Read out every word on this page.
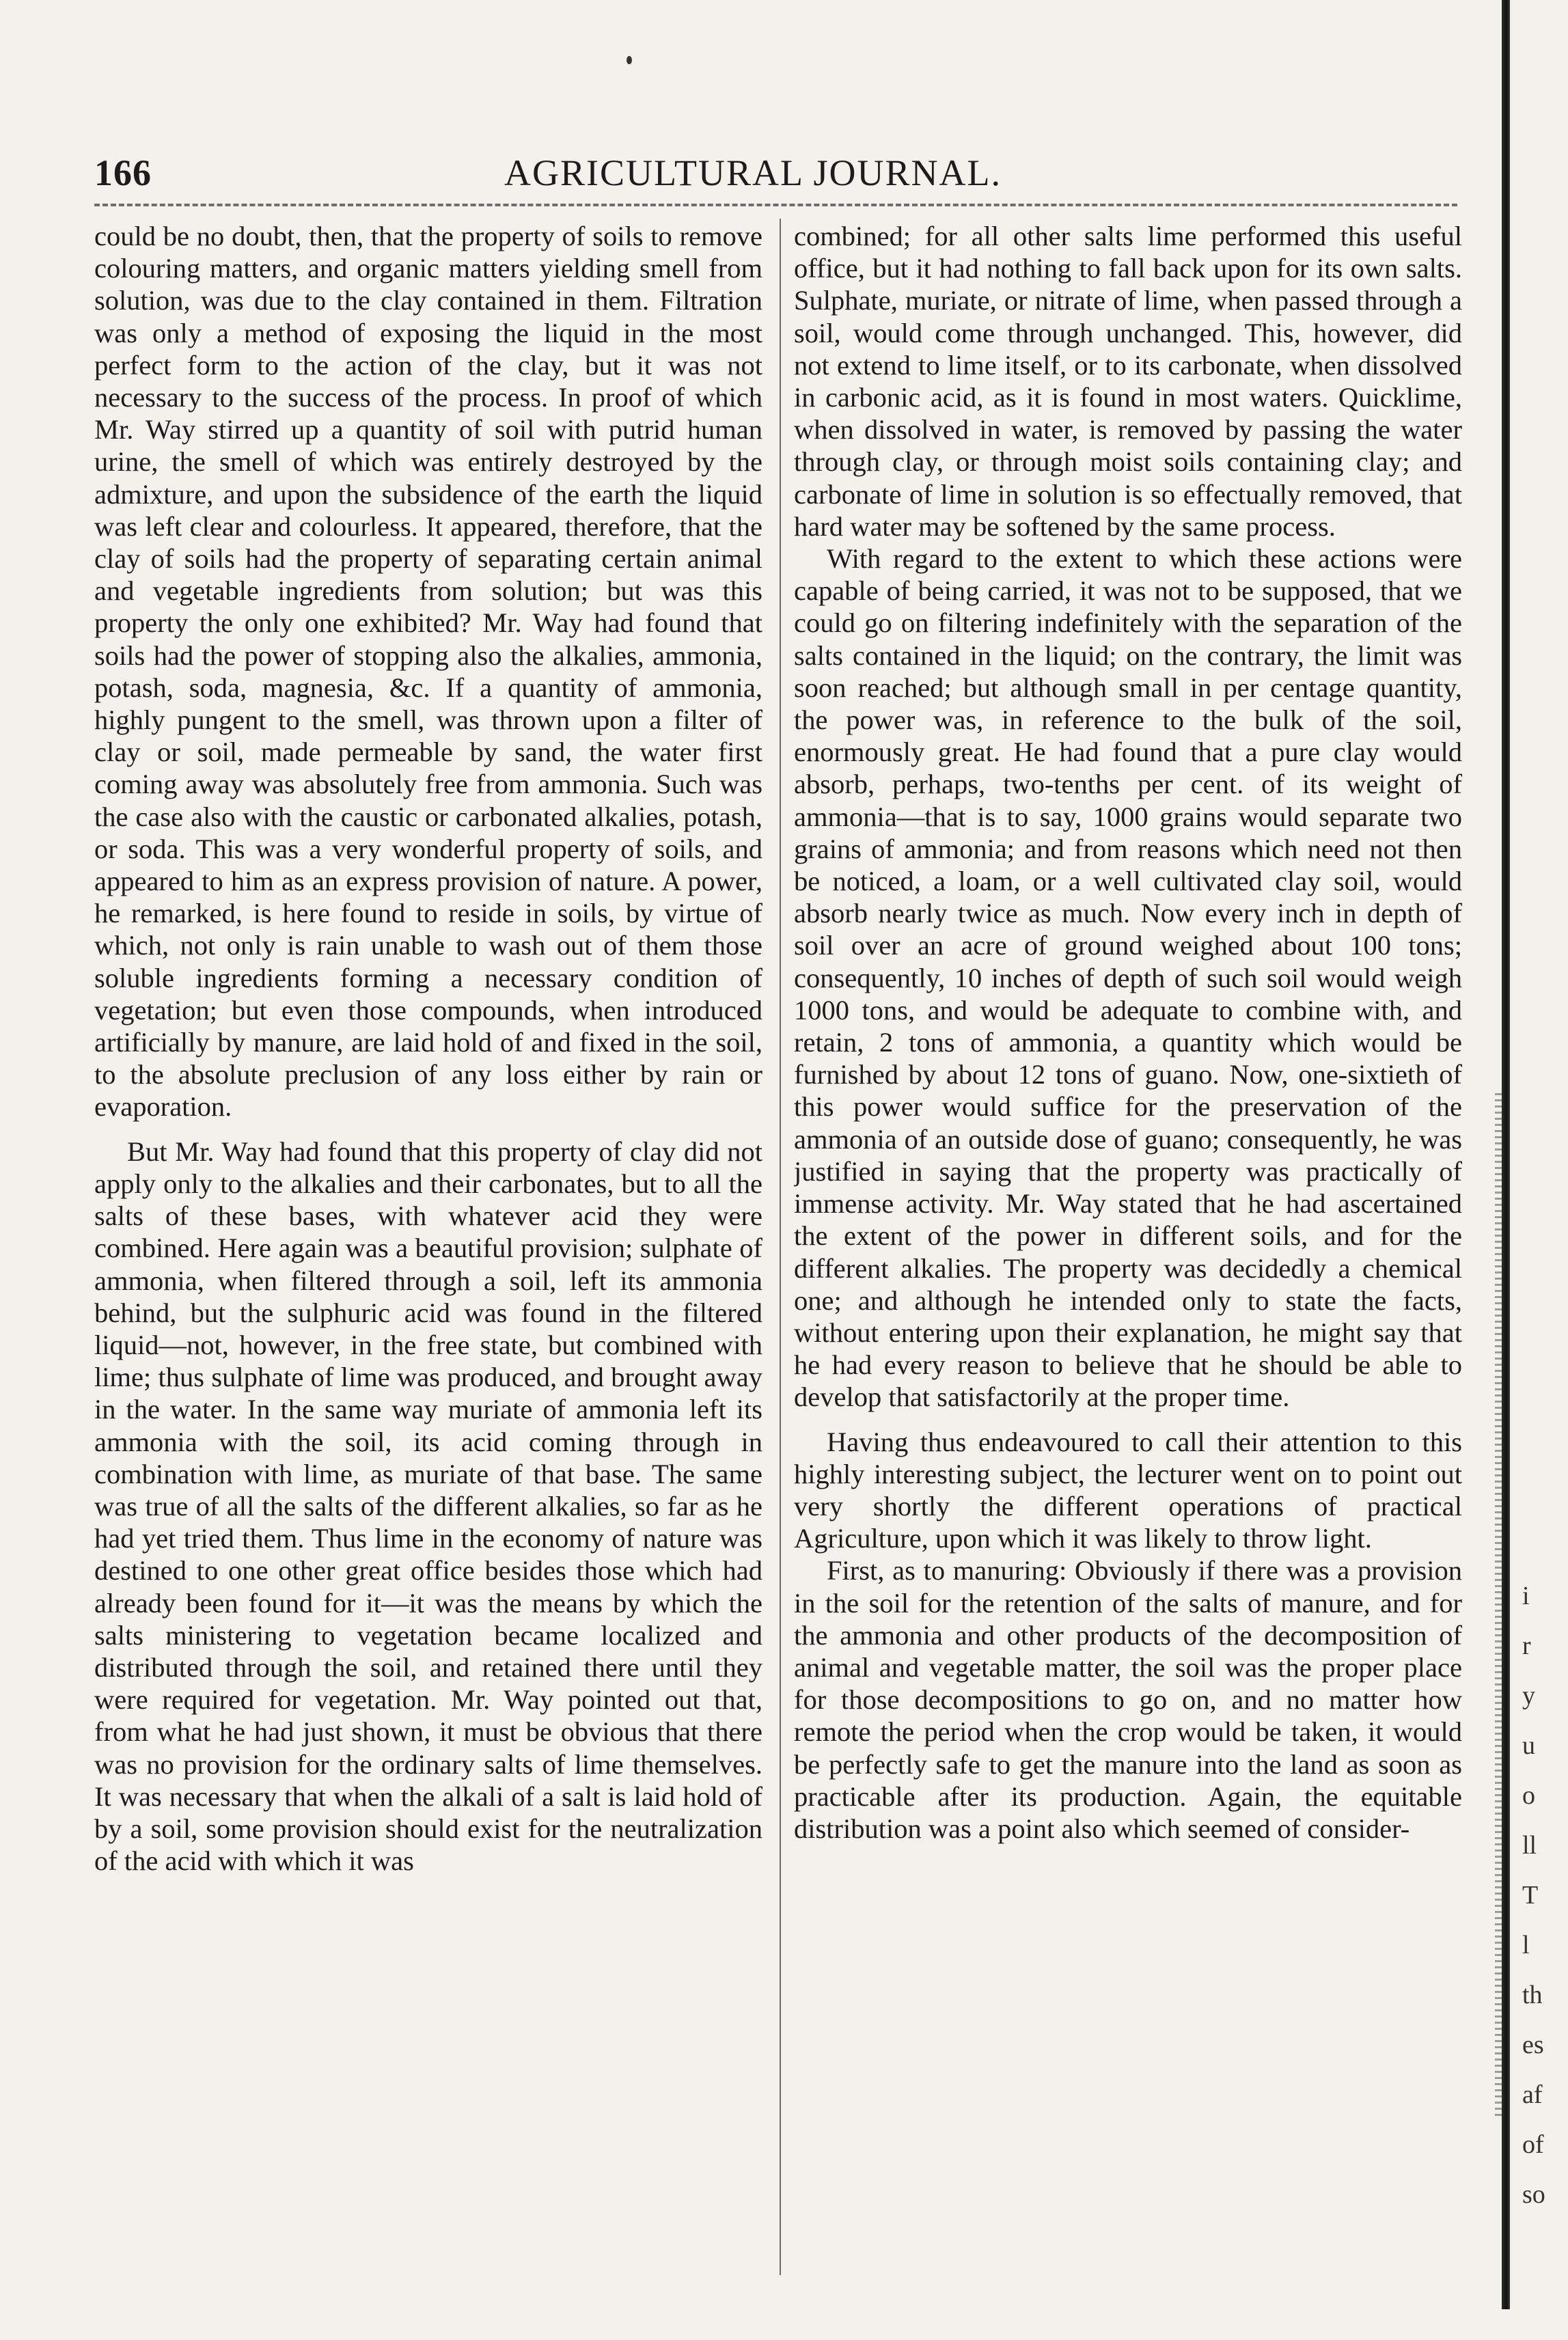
166	AGRICULTURAL JOURNAL.

could be no doubt, then, that the property of soils to remove colouring matters, and organic matters yielding smell from solution, was due to the clay contained in them. Filtration was only a method of exposing the liquid in the most perfect form to the action of the clay, but it was not necessary to the success of the process. In proof of which Mr. Way stirred up a quantity of soil with putrid human urine, the smell of which was entirely destroyed by the admixture, and upon the subsidence of the earth the liquid was left clear and colourless. It appeared, therefore, that the clay of soils had the property of separating certain animal and vegetable ingredients from solution; but was this property the only one exhibited? Mr. Way had found that soils had the power of stopping also the alkalies, ammonia, potash, soda, magnesia, &c. If a quantity of ammonia, highly pungent to the smell, was thrown upon a filter of clay or soil, made permeable by sand, the water first coming away was absolutely free from ammonia. Such was the case also with the caustic or carbonated alkalies, potash, or soda. This was a very wonderful property of soils, and appeared to him as an express provision of nature. A power, he remarked, is here found to reside in soils, by virtue of which, not only is rain unable to wash out of them those soluble ingredients forming a necessary condition of vegetation; but even those compounds, when introduced artificially by manure, are laid hold of and fixed in the soil, to the absolute preclusion of any loss either by rain or evaporation.

But Mr. Way had found that this property of clay did not apply only to the alkalies and their carbonates, but to all the salts of these bases, with whatever acid they were combined. Here again was a beautiful provision; sulphate of ammonia, when filtered through a soil, left its ammonia behind, but the sulphuric acid was found in the filtered liquid—not, however, in the free state, but combined with lime; thus sulphate of lime was produced, and brought away in the water. In the same way muriate of ammonia left its ammonia with the soil, its acid coming through in combination with lime, as muriate of that base. The same was true of all the salts of the different alkalies, so far as he had yet tried them. Thus lime in the economy of nature was destined to one other great office besides those which had already been found for it—it was the means by which the salts ministering to vegetation became localized and distributed through the soil, and retained there until they were required for vegetation. Mr. Way pointed out that, from what he had just shown, it must be obvious that there was no provision for the ordinary salts of lime themselves. It was necessary that when the alkali of a salt is laid hold of by a soil, some provision should exist for the neutralization of the acid with which it was

combined; for all other salts lime performed this useful office, but it had nothing to fall back upon for its own salts. Sulphate, muriate, or nitrate of lime, when passed through a soil, would come through unchanged. This, however, did not extend to lime itself, or to its carbonate, when dissolved in carbonic acid, as it is found in most waters. Quicklime, when dissolved in water, is removed by passing the water through clay, or through moist soils containing clay; and carbonate of lime in solution is so effectually removed, that hard water may be softened by the same process.

With regard to the extent to which these actions were capable of being carried, it was not to be supposed, that we could go on filtering indefinitely with the separation of the salts contained in the liquid; on the contrary, the limit was soon reached; but although small in per centage quantity, the power was, in reference to the bulk of the soil, enormously great. He had found that a pure clay would absorb, perhaps, two-tenths per cent. of its weight of ammonia—that is to say, 1000 grains would separate two grains of ammonia; and from reasons which need not then be noticed, a loam, or a well cultivated clay soil, would absorb nearly twice as much. Now every inch in depth of soil over an acre of ground weighed about 100 tons; consequently, 10 inches of depth of such soil would weigh 1000 tons, and would be adequate to combine with, and retain, 2 tons of ammonia, a quantity which would be furnished by about 12 tons of guano. Now, one-sixtieth of this power would suffice for the preservation of the ammonia of an outside dose of guano; consequently, he was justified in saying that the property was practically of immense activity. Mr. Way stated that he had ascertained the extent of the power in different soils, and for the different alkalies. The property was decidedly a chemical one; and although he intended only to state the facts, without entering upon their explanation, he might say that he had every reason to believe that he should be able to develop that satisfactorily at the proper time.

Having thus endeavoured to call their attention to this highly interesting subject, the lecturer went on to point out very shortly the different operations of practical Agriculture, upon which it was likely to throw light.

First, as to manuring: Obviously if there was a provision in the soil for the retention of the salts of manure, and for the ammonia and other products of the decomposition of animal and vegetable matter, the soil was the proper place for those decompositions to go on, and no matter how remote the period when the crop would be taken, it would be perfectly safe to get the manure into the land as soon as practicable after its production. Again, the equitable distribution was a point also which seemed of consider-

i
r
y
u
o
ll
T
l
th
es
af
of
so
